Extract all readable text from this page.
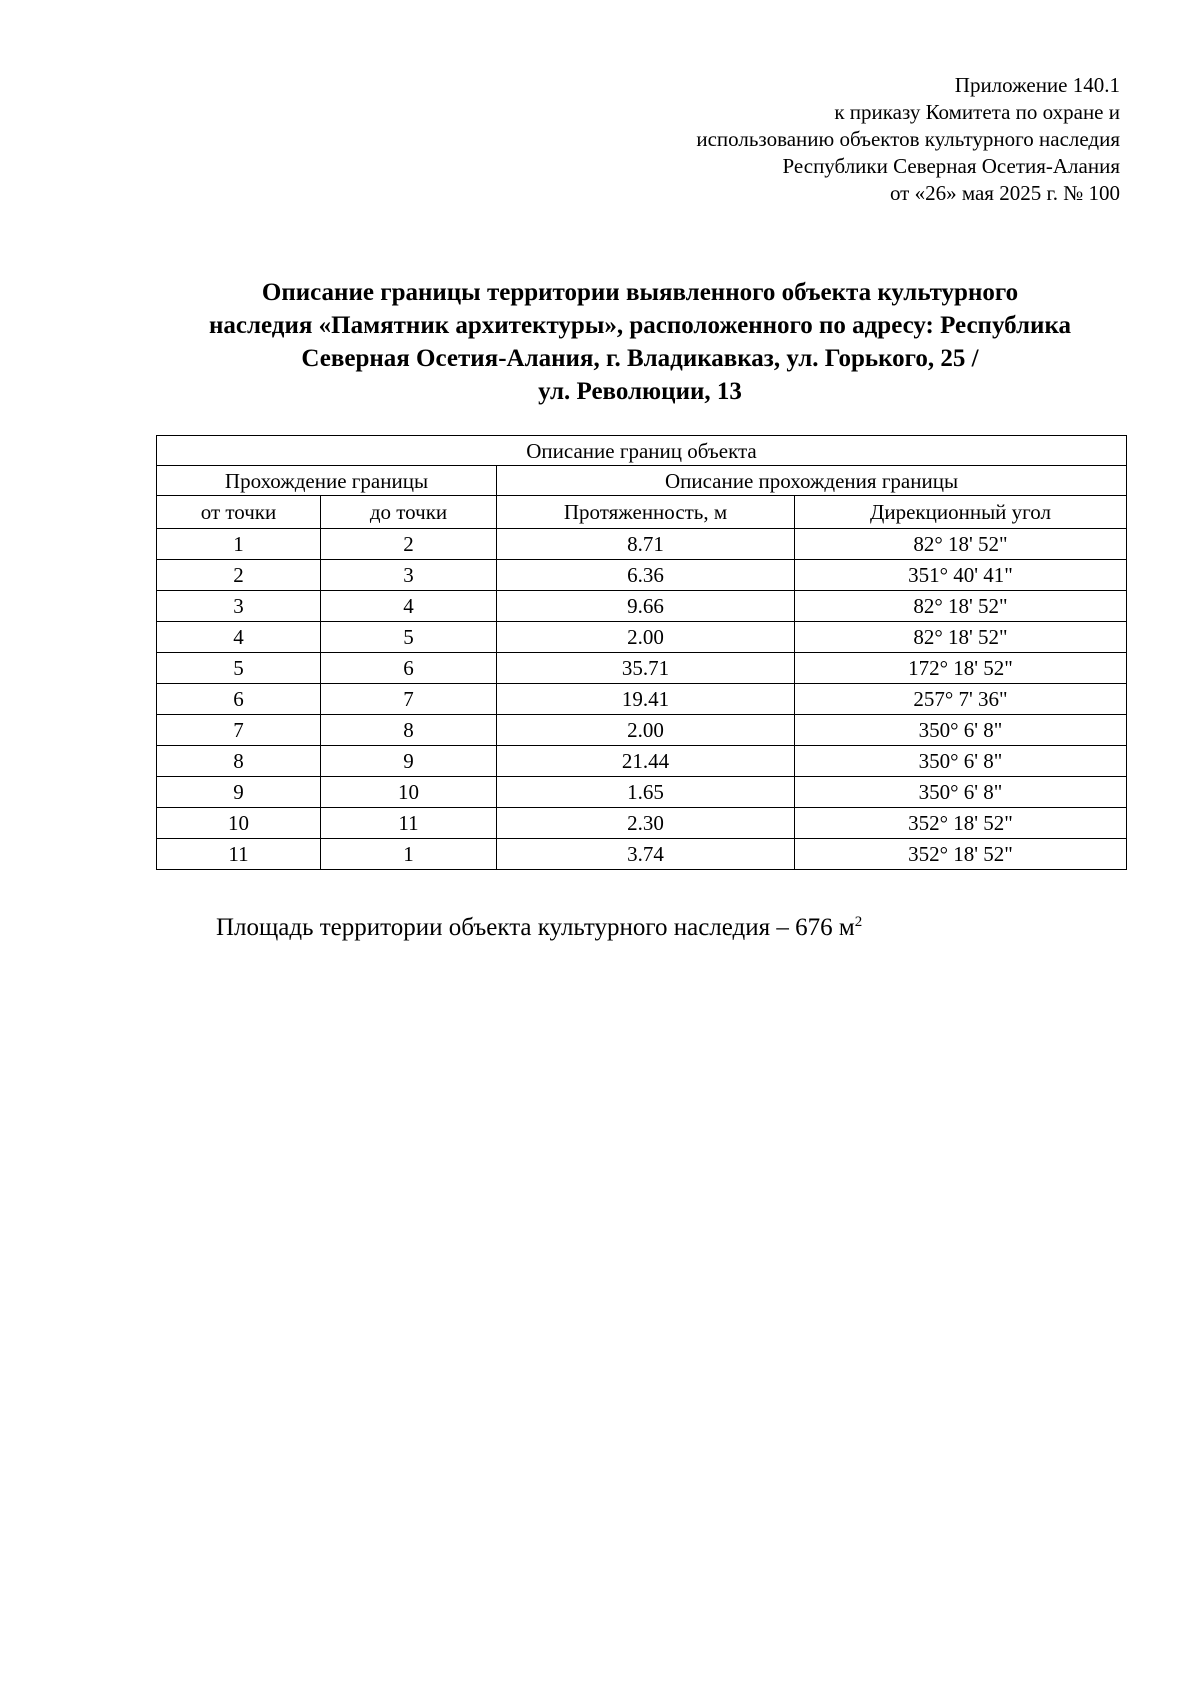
Приложение 140.1
к приказу Комитета по охране и
использованию объектов культурного наследия
Республики Северная Осетия-Алания
от «26» мая 2025 г. № 100
Описание границы территории выявленного объекта культурного
наследия «Памятник архитектуры», расположенного по адресу: Республика
Северная Осетия-Алания, г. Владикавказ, ул. Горького, 25 /
ул. Революции, 13
Описание границ объекта			
Прохождение границы		Описание прохождения границы	
от точки	до точки	Протяженность, м	Дирекционный угол
1	2	8.71	82° 18' 52"
2	3	6.36	351° 40' 41"
3	4	9.66	82° 18' 52"
4	5	2.00	82° 18' 52"
5	6	35.71	172° 18' 52"
6	7	19.41	257° 7' 36"
7	8	2.00	350° 6' 8"
8	9	21.44	350° 6' 8"
9	10	1.65	350° 6' 8"
10	11	2.30	352° 18' 52"
11	1	3.74	352° 18' 52"
Площадь территории объекта культурного наследия – 676 $м^2$
